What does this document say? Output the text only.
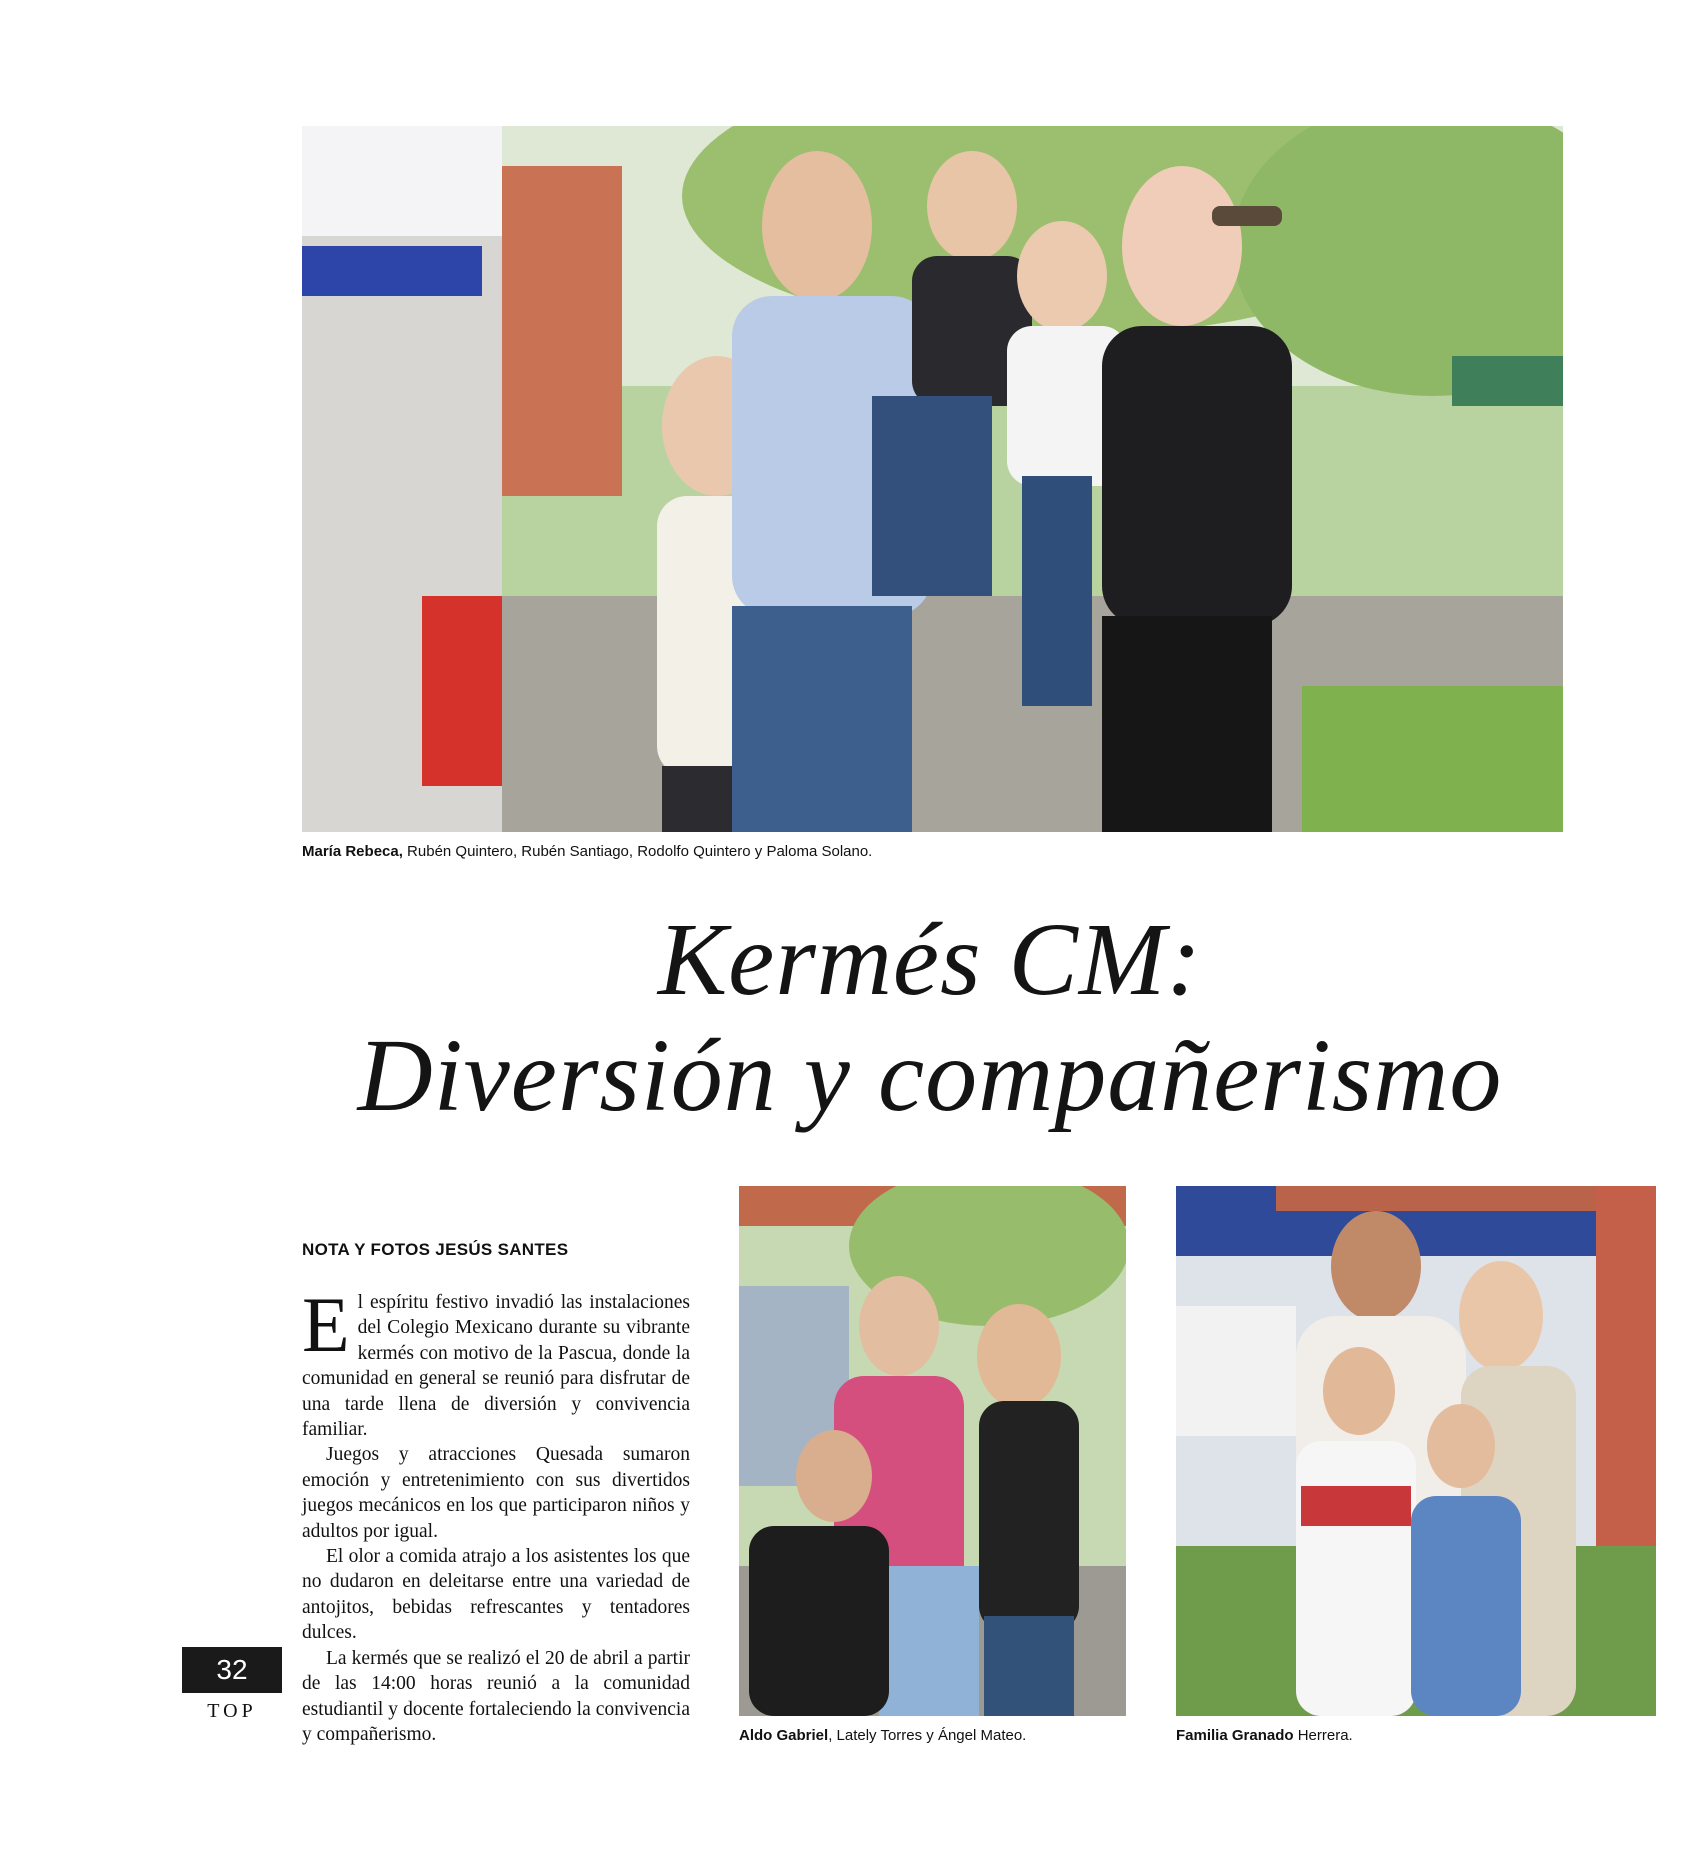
María Rebeca, Rubén Quintero, Rubén Santiago, Rodolfo Quintero y Paloma Solano.
Kermés CM:
Diversión y compañerismo
NOTA Y FOTOS JESÚS SANTES

El espíritu festivo invadió las instalaciones del Colegio Mexicano durante su vibrante kermés con motivo de la Pascua, donde la comunidad en general se reunió para disfrutar de una tarde llena de diversión y convivencia familiar.

Juegos y atracciones Quesada sumaron emoción y entretenimiento con sus divertidos juegos mecánicos en los que participaron niños y adultos por igual.

El olor a comida atrajo a los asistentes los que no dudaron en deleitarse entre una variedad de antojitos, bebidas refrescantes y tentadores dulces.

La kermés que se realizó el 20 de abril a partir de las 14:00 horas reunió a la comunidad estudiantil y docente fortaleciendo la convivencia y compañerismo.	Aldo Gabriel, Lately Torres y Ángel Mateo.	Familia Granado Herrera.
32
TOP
